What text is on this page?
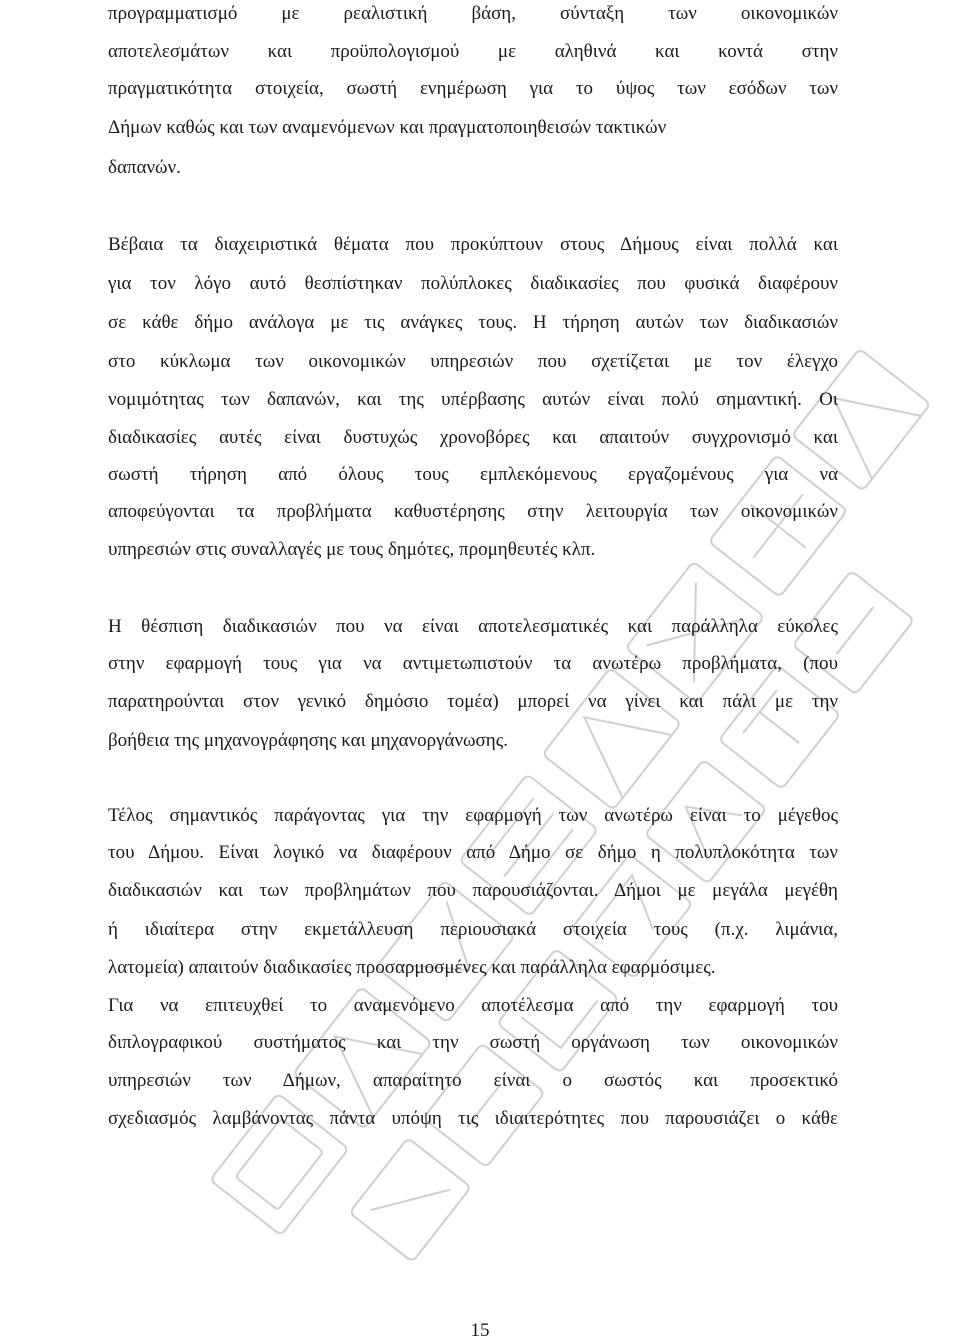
προγραμματισμό με ρεαλιστική βάση, σύνταξη των οικονομικών
αποτελεσμάτων και προϋπολογισμού με αληθινά και κοντά στην
πραγματικότητα στοιχεία, σωστή ενημέρωση για το ύψος των εσόδων των
Δήμων καθώς και των αναμενόμενων και πραγματοποιηθεισών τακτικών
δαπανών.
Βέβαια τα διαχειριστικά θέματα που προκύπτουν στους Δήμους είναι πολλά και
για τον λόγο αυτό θεσπίστηκαν πολύπλοκες διαδικασίες που φυσικά διαφέρουν
σε κάθε δήμο ανάλογα με τις ανάγκες τους. Η τήρηση αυτών των διαδικασιών
στο κύκλωμα των οικονομικών υπηρεσιών που σχετίζεται με τον έλεγχο
νομιμότητας των δαπανών, και της υπέρβασης αυτών είναι πολύ σημαντική. Οι
διαδικασίες αυτές είναι δυστυχώς χρονοβόρες και απαιτούν συγχρονισμό και
σωστή τήρηση από όλους τους εμπλεκόμενους εργαζομένους για να
αποφεύγονται τα προβλήματα καθυστέρησης στην λειτουργία των οικονομικών
υπηρεσιών στις συναλλαγές με τους δημότες, προμηθευτές κλπ.
Η θέσπιση διαδικασιών που να είναι αποτελεσματικές και παράλληλα εύκολες
στην εφαρμογή τους για να αντιμετωπιστούν τα ανωτέρω προβλήματα, (που
παρατηρούνται στον γενικό δημόσιο τομέα) μπορεί να γίνει και πάλι με την
βοήθεια της μηχανογράφησης και μηχανοργάνωσης.
Τέλος σημαντικός παράγοντας για την εφαρμογή των ανωτέρω είναι το μέγεθος
του Δήμου. Είναι λογικό να διαφέρουν από Δήμο σε δήμο η πολυπλοκότητα των
διαδικασιών και των προβλημάτων που παρουσιάζονται. Δήμοι με μεγάλα μεγέθη
ή ιδιαίτερα στην εκμετάλλευση περιουσιακά στοιχεία τους (π.χ. λιμάνια,
λατομεία) απαιτούν διαδικασίες προσαρμοσμένες και παράλληλα εφαρμόσιμες.
Για να επιτευχθεί το αναμενόμενο αποτέλεσμα από την εφαρμογή του
διπλογραφικού συστήματος και την σωστή οργάνωση των οικονομικών
υπηρεσιών των Δήμων, απαραίτητο είναι ο σωστός και προσεκτικό
σχεδιασμός λαμβάνοντας πάντα υπόψη τις ιδιαιτερότητες που παρουσιάζει ο κάθε
15
